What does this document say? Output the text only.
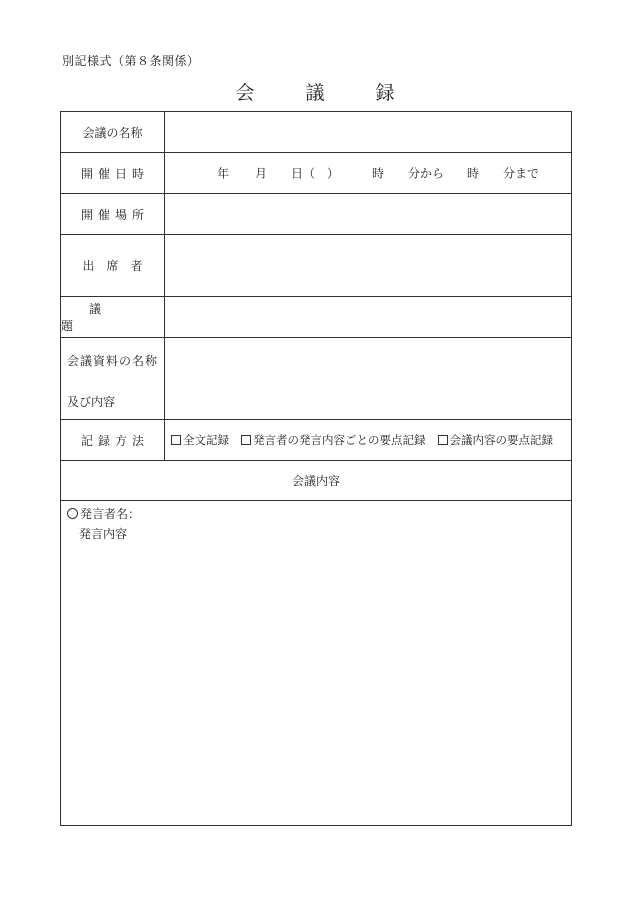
別記様式（第８条関係）
会　議　録
会議の名称
開催日時	年 月 日（　）	時 分から 時 分まで
開催場所
出席者
議題
会議資料の名称
及び内容
記録方法	全文記録	発言者の発言内容ごとの要点記録	会議内容の要点記録
会議内容
発言者名：
発言内容
